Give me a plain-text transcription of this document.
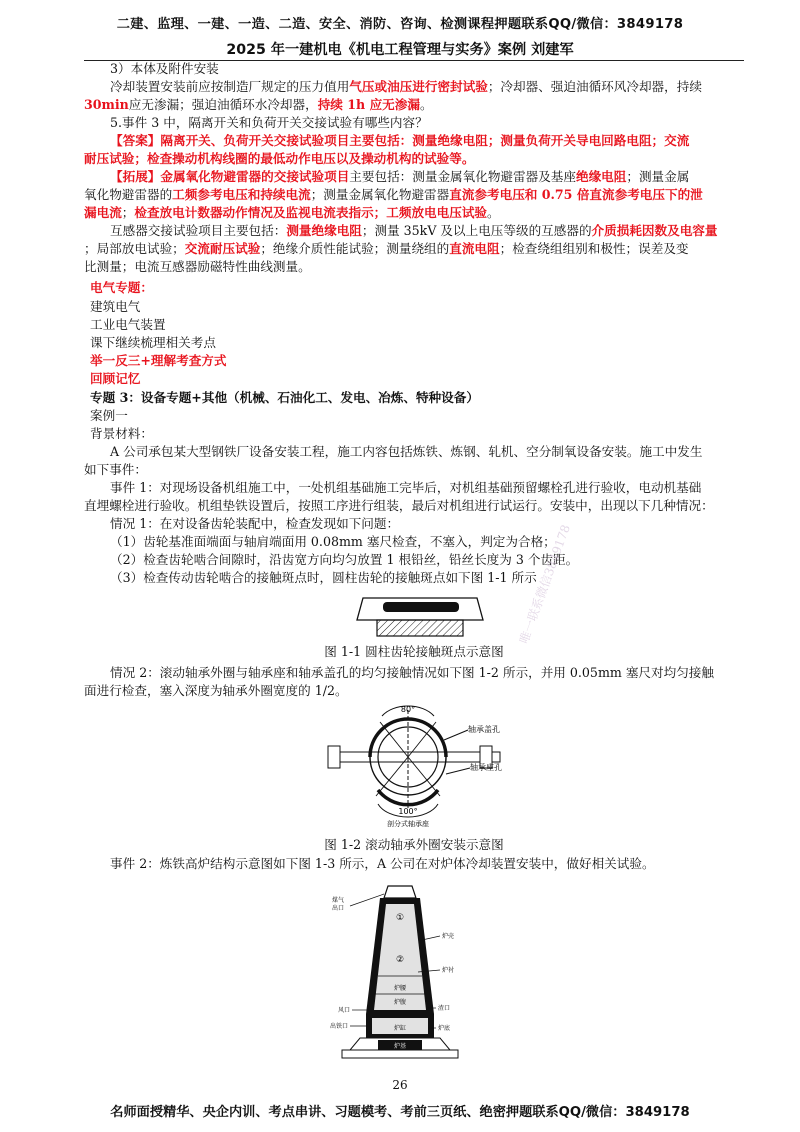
二建、监理、一建、一造、二造、安全、消防、咨询、检测课程押题联系QQ/微信：3849178
2025 年一建机电《机电工程管理与实务》案例 刘建军
3）本体及附件安装
冷却装置安装前应按制造厂规定的压力值用气压或油压进行密封试验；冷却器、强迫油循环风冷却器，持续
30min应无渗漏；强迫油循环水冷却器，持续 1h 应无渗漏。
5.事件 3 中，隔离开关和负荷开关交接试验有哪些内容？
【答案】隔离开关、负荷开关交接试验项目主要包括：测量绝缘电阻；测量负荷开关导电回路电阻；交流
耐压试验；检查操动机构线圈的最低动作电压以及操动机构的试验等。
【拓展】金属氧化物避雷器的交接试验项目主要包括：测量金属氧化物避雷器及基座绝缘电阻；测量金属
氧化物避雷器的工频参考电压和持续电流；测量金属氧化物避雷器直流参考电压和 0.75 倍直流参考电压下的泄
漏电流；检查放电计数器动作情况及监视电流表指示；工频放电电压试验。
互感器交接试验项目主要包括：测量绝缘电阻；测量 35kV 及以上电压等级的互感器的介质损耗因数及电容量
；局部放电试验；交流耐压试验；绝缘介质性能试验；测量绕组的直流电阻；检查绕组组别和极性；误差及变
比测量；电流互感器励磁特性曲线测量。
电气专题：
建筑电气
工业电气装置
课下继续梳理相关考点
举一反三+理解考查方式
回顾记忆
专题 3：设备专题+其他（机械、石油化工、发电、冶炼、特种设备）
案例一
背景材料：
A 公司承包某大型钢铁厂设备安装工程，施工内容包括炼铁、炼钢、轧机、空分制氧设备安装。施工中发生
如下事件：
事件 1：对现场设备机组施工中，一处机组基础施工完毕后，对机组基础预留螺栓孔进行验收，电动机基础
直埋螺栓进行验收。机组垫铁设置后，按照工序进行组装，最后对机组进行试运行。安装中，出现以下几种情况：
情况 1：在对设备齿轮装配中，检查发现如下问题：
（1）齿轮基准面端面与轴肩端面用 0.08mm 塞尺检查，不塞入，判定为合格；
（2）检查齿轮啮合间隙时，沿齿宽方向均匀放置 1 根铅丝，铅丝长度为 3 个齿距。
（3）检查传动齿轮啮合的接触斑点时，圆柱齿轮的接触斑点如下图 1-1 所示
图 1-1 圆柱齿轮接触斑点示意图
情况 2：滚动轴承外圈与轴承座和轴承盖孔的均匀接触情况如下图 1-2 所示，并用 0.05mm 塞尺对均匀接触
面进行检查，塞入深度为轴承外圈宽度的 1/2。
80°
100°
轴承盖孔
轴承座孔
剖分式轴承座
图 1-2 滚动轴承外圈安装示意图
事件 2：炼铁高炉结构示意图如下图 1-3 所示，A 公司在对炉体冷却装置安装中，做好相关试验。
①
②
炉腰
炉腹
炉缸
炉基
煤气
出口
炉壳
炉衬
风口	渣口
出铁口	炉底
唯一联系微信3849178
26
名师面授精华、央企内训、考点串讲、习题模考、考前三页纸、绝密押题联系QQ/微信：3849178
